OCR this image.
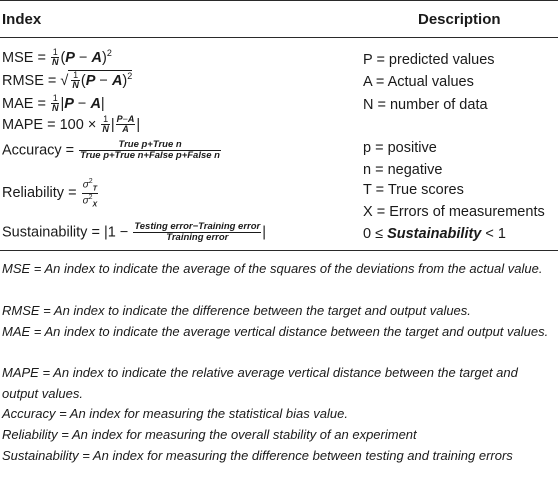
Index	Description
MSE = $\frac{1}{N} (P - A)^2$	P = predicted values
RMSE = √ $\frac{1}{N} (P - A)^2$	A = Actual values
MAE = $\frac{1}{N} |P - A|$	N = number of data
MAPE = $100 \times \frac{1}{N}$ | $\frac{P-A}{A}$ |
Accuracy = $\frac{\text{True p+True n}}{\text{True p+True n+False p+False n}}$	p = positive
n = negative
Reliability = $\frac{\sigma^2_T}{\sigma^2_X}$	T = True scores
X = Errors of measurements
Sustainability = $|1 - \frac{\text{Testing error−Training error}}{\text{Training error}}$ |	0 ≤ Sustainability < 1
MSE = An index to indicate the average of the squares of the deviations from the actual value.
RMSE = An index to indicate the difference between the target and output values.
MAE = An index to indicate the average vertical distance between the target and output values.
MAPE = An index to indicate the relative average vertical distance between the target and output values.
Accuracy = An index for measuring the statistical bias value.
Reliability = An index for measuring the overall stability of an experiment
Sustainability = An index for measuring the difference between testing and training errors
